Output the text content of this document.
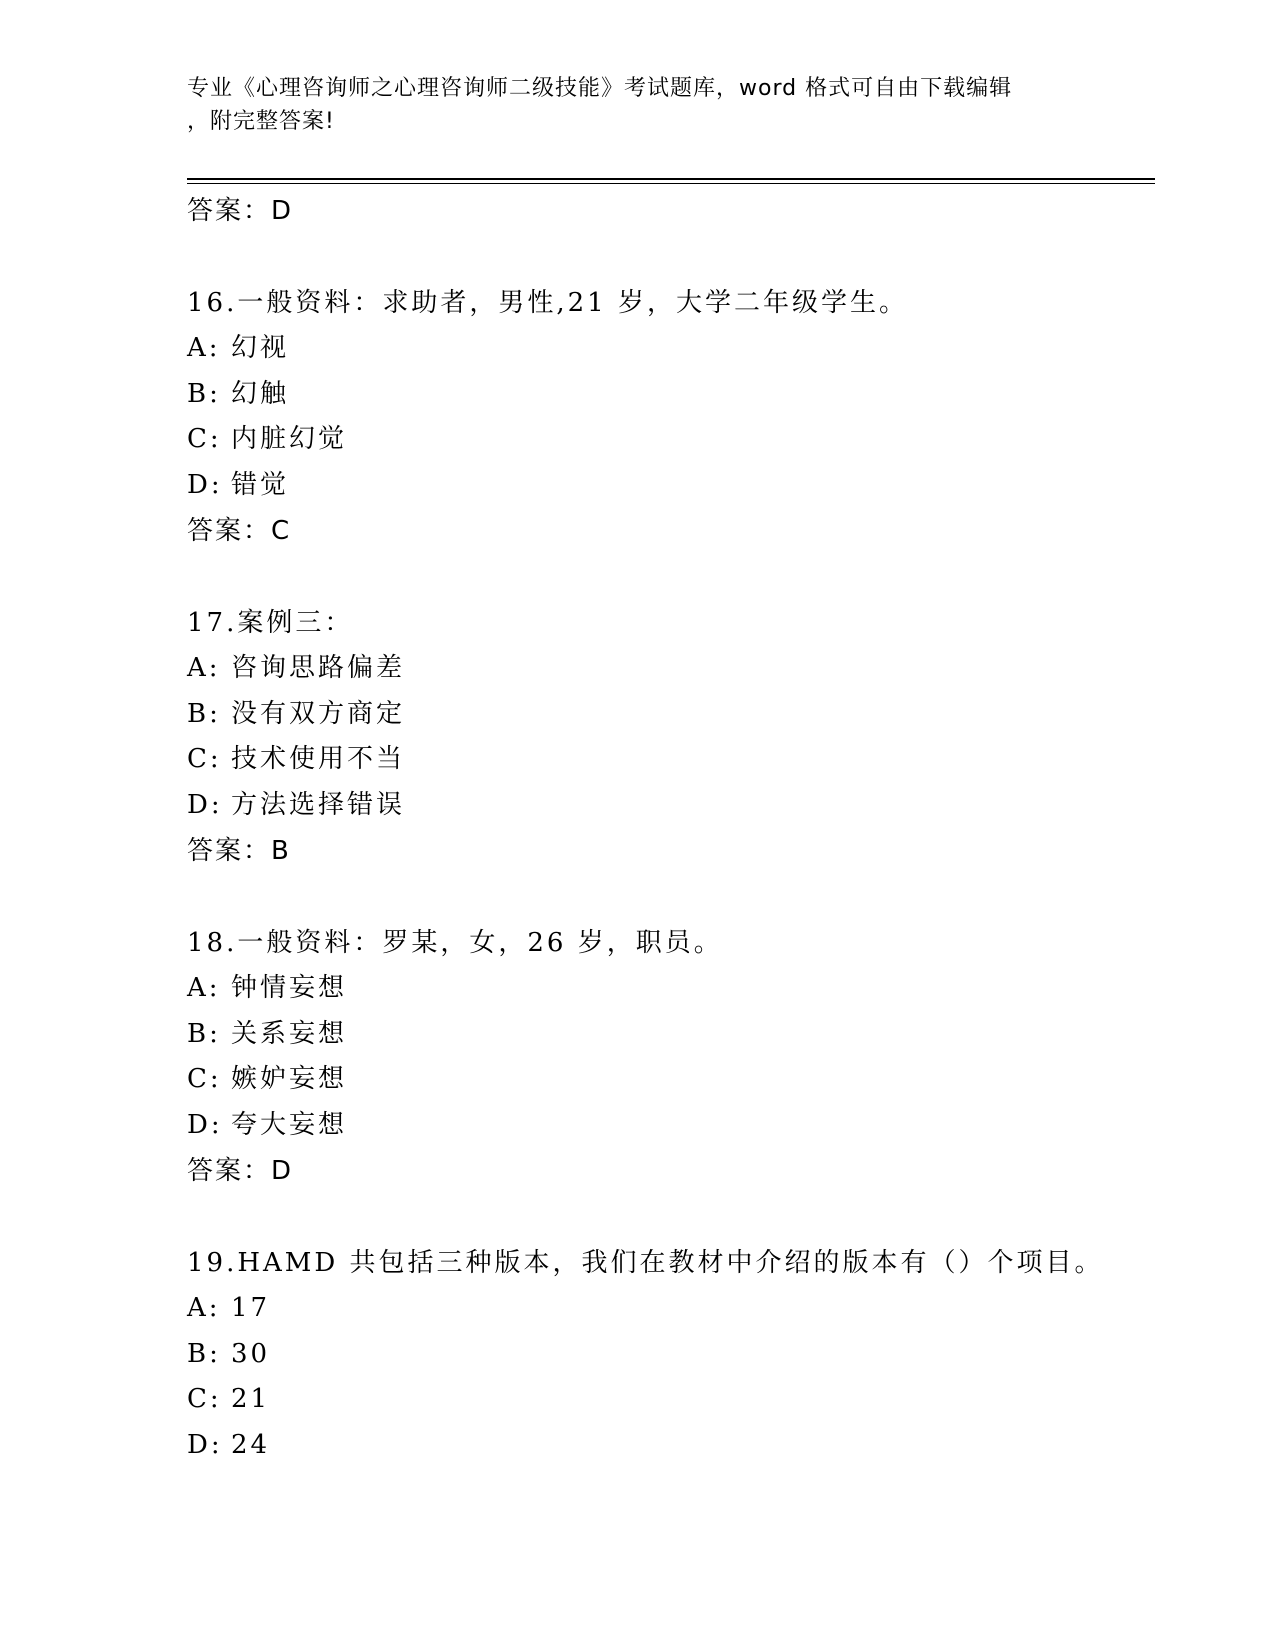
专业《心理咨询师之心理咨询师二级技能》考试题库，word 格式可自由下载编辑
，附完整答案!
答案：D
16.一般资料：求助者，男性,21 岁，大学二年级学生。
A: 幻视
B: 幻触
C: 内脏幻觉
D: 错觉
答案：C
17.案例三：
A: 咨询思路偏差
B: 没有双方商定
C: 技术使用不当
D: 方法选择错误
答案：B
18.一般资料：罗某，女，26 岁，职员。
A: 钟情妄想
B: 关系妄想
C: 嫉妒妄想
D: 夸大妄想
答案：D
19.HAMD 共包括三种版本，我们在教材中介绍的版本有（）个项目。
A: 17
B: 30
C: 21
D: 24
